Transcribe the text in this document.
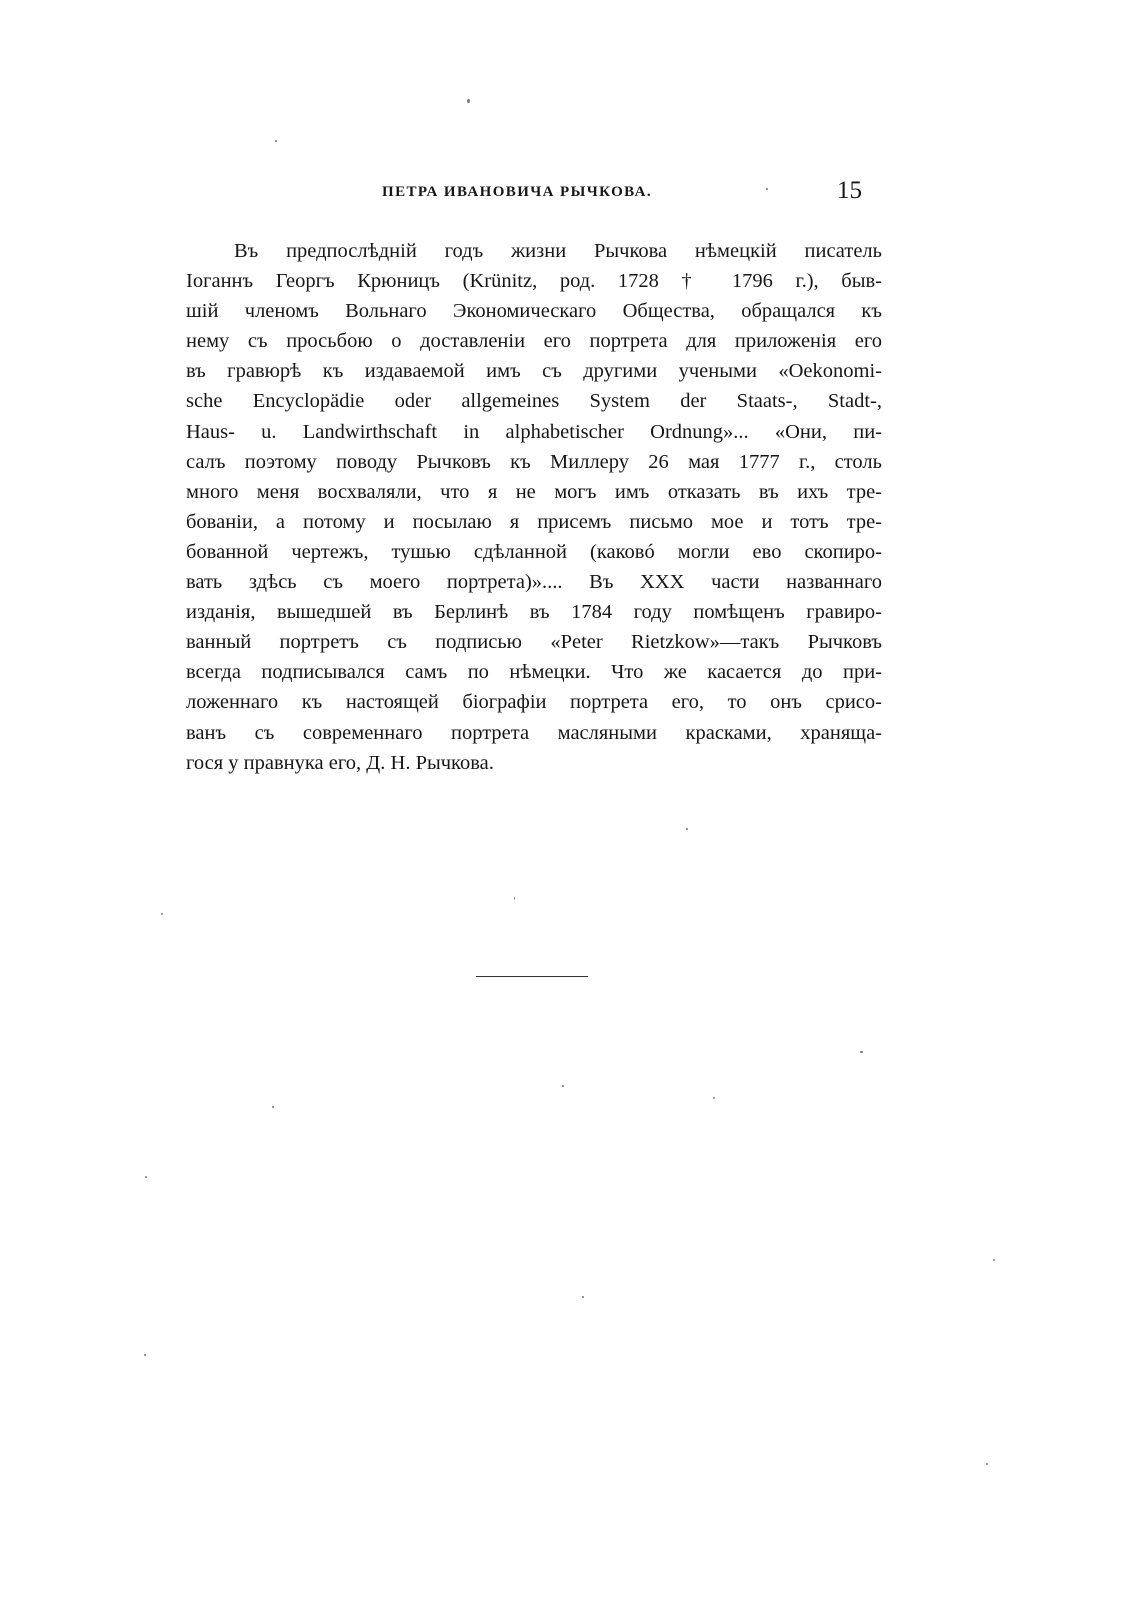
ПЕТРА ИВАНОВИЧА РЫЧКОВА.	15
Въ предпослѣдній годъ жизни Рычкова нѣмецкій писатель
Іоганнъ Георгъ Крюницъ (Krünitz, род. 1728 † 1796 г.), быв-
шій членомъ Вольнаго Экономическаго Общества, обращался къ
нему съ просьбою о доставленіи его портрета для приложенія его
въ гравюрѣ къ издаваемой имъ съ другими учеными «Oekonomi-
sche Encyclopädie oder allgemeines System der Staats-, Stadt-,
Haus- u. Landwirthschaft in alphabetischer Ordnung»... «Они, пи-
салъ поэтому поводу Рычковъ къ Миллеру 26 мая 1777 г., столь
много меня восхваляли, что я не могъ имъ отказать въ ихъ тре-
бованіи, а потому и посылаю я присемъ письмо мое и тотъ тре-
бованной чертежъ, тушью сдѣланной (каковó могли ево скопиро-
вать здѣсь съ моего портрета)».... Въ XXX части названнаго
изданія, вышедшей въ Берлинѣ въ 1784 году помѣщенъ гравиро-
ванный портретъ съ подписью «Peter Rietzkow»—такъ Рычковъ
всегда подписывался самъ по нѣмецки. Что же касается до при-
ложеннаго къ настоящей біографіи портрета его, то онъ срисо-
ванъ съ современнаго портрета масляными красками, хранящa-
гося у правнука его, Д. Н. Рычкова.
